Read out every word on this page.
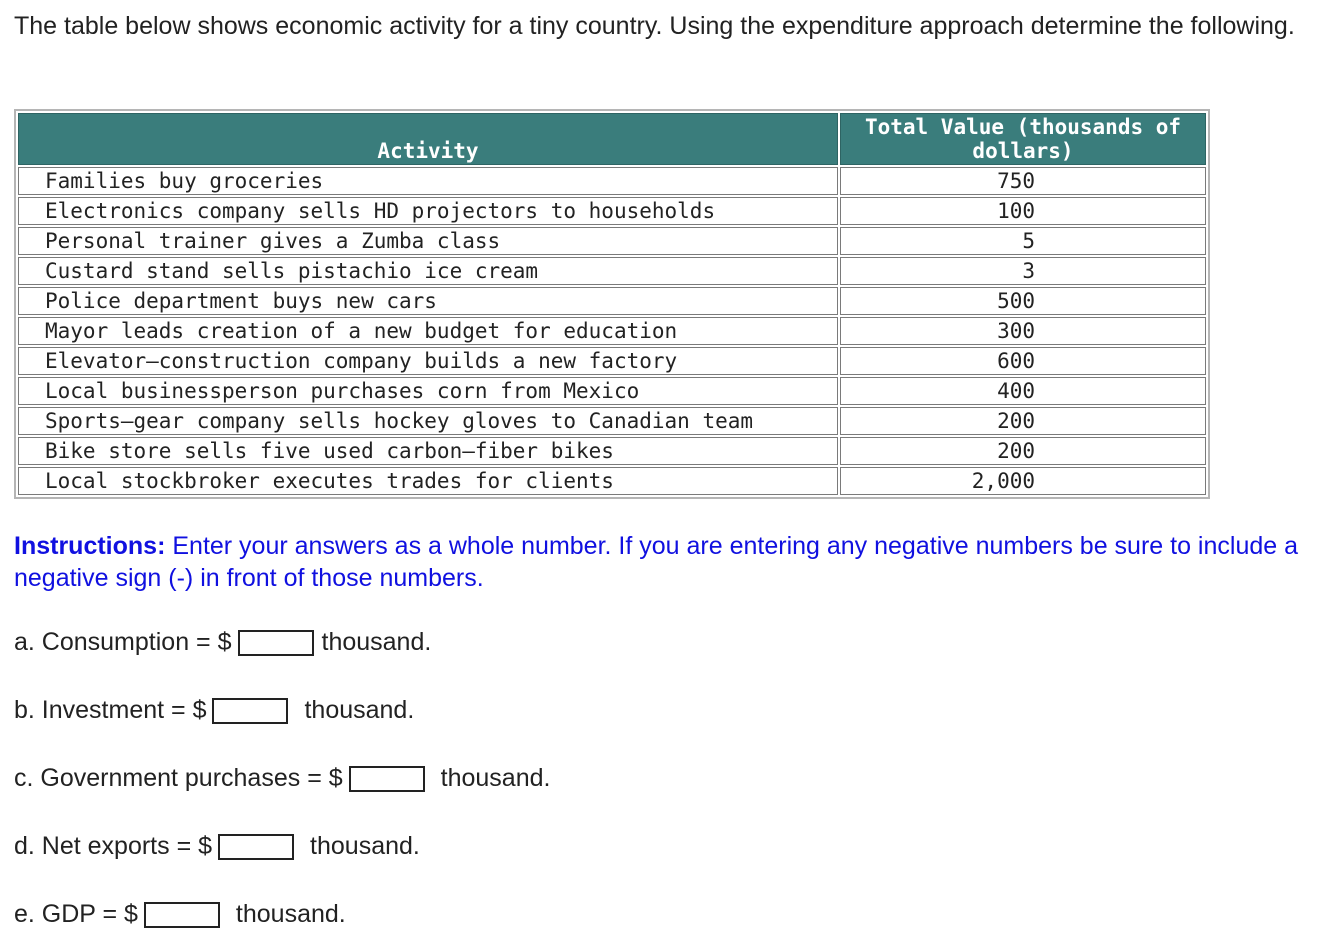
The table below shows economic activity for a tiny country. Using the expenditure approach determine the following.

Activity	Total Value (thousands of dollars)
Families buy groceries	750
Electronics company sells HD projectors to households	100
Personal trainer gives a Zumba class	5
Custard stand sells pistachio ice cream	3
Police department buys new cars	500
Mayor leads creation of a new budget for education	300
Elevator–construction company builds a new factory	600
Local businessperson purchases corn from Mexico	400
Sports–gear company sells hockey gloves to Canadian team	200
Bike store sells five used carbon–fiber bikes	200
Local stockbroker executes trades for clients	2,000

Instructions: Enter your answers as a whole number. If you are entering any negative numbers be sure to include a negative sign (-) in front of those numbers.

a. Consumption = $	thousand.
b. Investment = $	thousand.
c. Government purchases = $	thousand.
d. Net exports = $	thousand.
e. GDP = $	thousand.
